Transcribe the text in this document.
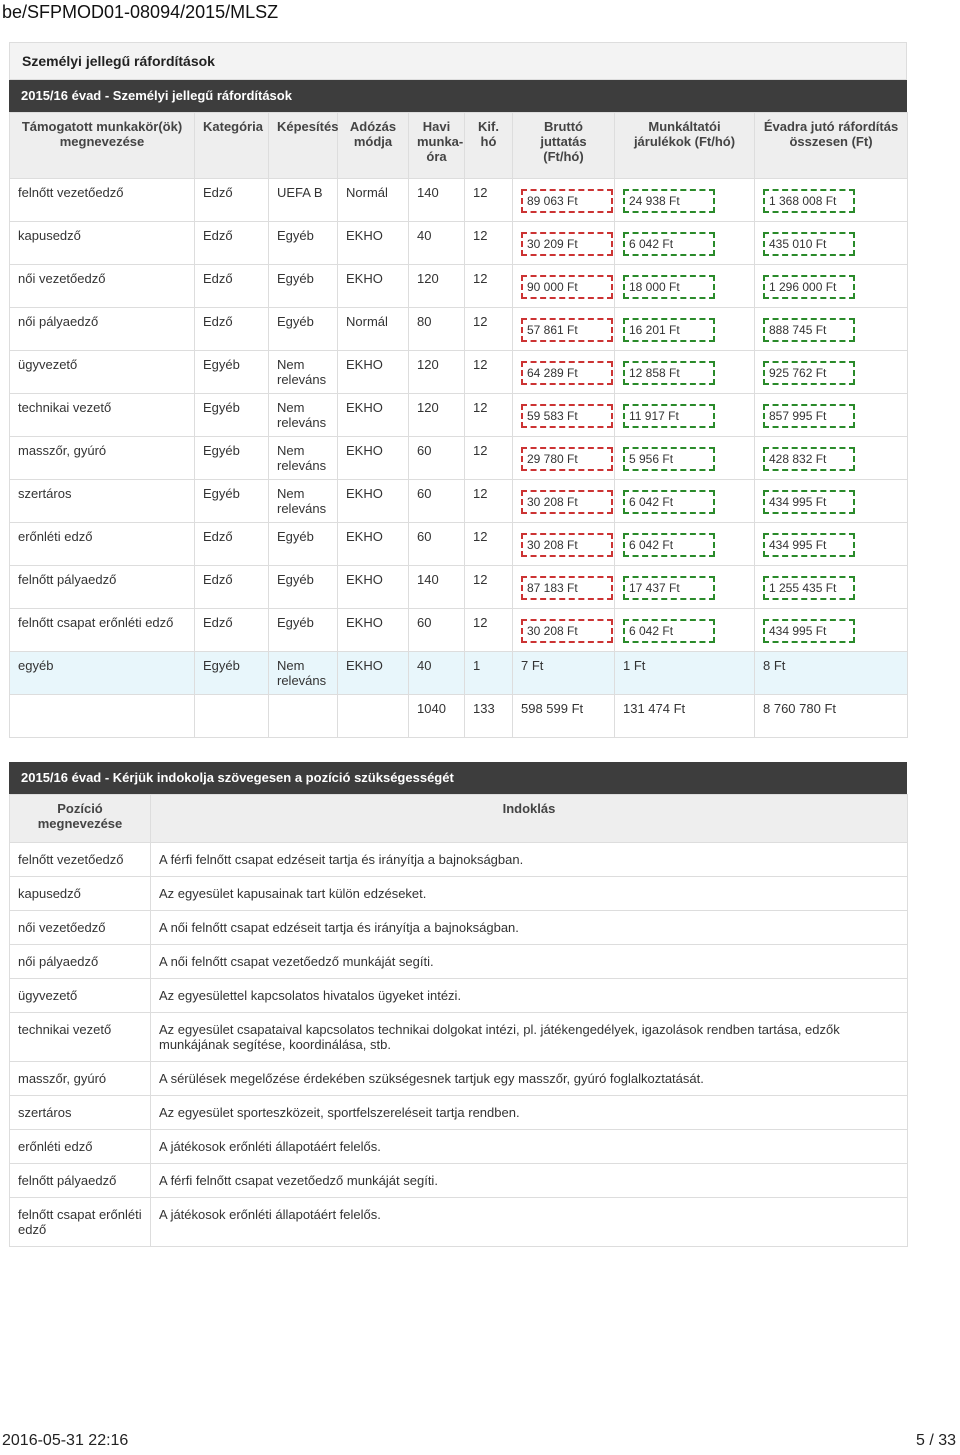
be/SFPMOD01-08094/2015/MLSZ
Személyi jellegű ráfordítások
2015/16 évad - Személyi jellegű ráfordítások
Támogatott munkakör(ök) megnevezése	Kategória	Képesítés	Adózás módja	Havi munka-óra	Kif. hó	Bruttó juttatás (Ft/hó)	Munkáltatói járulékok (Ft/hó)	Évadra jutó ráfordítás összesen (Ft)
felnőtt vezetőedző	Edző	UEFA B	Normál	140	12	89 063 Ft	24 938 Ft	1 368 008 Ft
kapusedző	Edző	Egyéb	EKHO	40	12	30 209 Ft	6 042 Ft	435 010 Ft
női vezetőedző	Edző	Egyéb	EKHO	120	12	90 000 Ft	18 000 Ft	1 296 000 Ft
női pályaedző	Edző	Egyéb	Normál	80	12	57 861 Ft	16 201 Ft	888 745 Ft
ügyvezető	Egyéb	Nem releváns	EKHO	120	12	64 289 Ft	12 858 Ft	925 762 Ft
technikai vezető	Egyéb	Nem releváns	EKHO	120	12	59 583 Ft	11 917 Ft	857 995 Ft
masszőr, gyúró	Egyéb	Nem releváns	EKHO	60	12	29 780 Ft	5 956 Ft	428 832 Ft
szertáros	Egyéb	Nem releváns	EKHO	60	12	30 208 Ft	6 042 Ft	434 995 Ft
erőnléti edző	Edző	Egyéb	EKHO	60	12	30 208 Ft	6 042 Ft	434 995 Ft
felnőtt pályaedző	Edző	Egyéb	EKHO	140	12	87 183 Ft	17 437 Ft	1 255 435 Ft
felnőtt csapat erőnléti edző	Edző	Egyéb	EKHO	60	12	30 208 Ft	6 042 Ft	434 995 Ft
egyéb	Egyéb	Nem releváns	EKHO	40	1	7 Ft	1 Ft	8 Ft
				1040	133	598 599 Ft	131 474 Ft	8 760 780 Ft
2015/16 évad - Kérjük indokolja szövegesen a pozíció szükségességét
Pozíció megnevezése	Indoklás
felnőtt vezetőedző	A férfi felnőtt csapat edzéseit tartja és irányítja a bajnokságban.
kapusedző	Az egyesület kapusainak tart külön edzéseket.
női vezetőedző	A női felnőtt csapat edzéseit tartja és irányítja a bajnokságban.
női pályaedző	A női felnőtt csapat vezetőedző munkáját segíti.
ügyvezető	Az egyesülettel kapcsolatos hivatalos ügyeket intézi.
technikai vezető	Az egyesület csapataival kapcsolatos technikai dolgokat intézi, pl. játékengedélyek, igazolások rendben tartása, edzők munkájának segítése, koordinálása, stb.
masszőr, gyúró	A sérülések megelőzése érdekében szükségesnek tartjuk egy masszőr, gyúró foglalkoztatását.
szertáros	Az egyesület sporteszközeit, sportfelszereléseit tartja rendben.
erőnléti edző	A játékosok erőnléti állapotáért felelős.
felnőtt pályaedző	A férfi felnőtt csapat vezetőedző munkáját segíti.
felnőtt csapat erőnléti edző	A játékosok erőnléti állapotáért felelős.
2016-05-31 22:16	5 / 33
